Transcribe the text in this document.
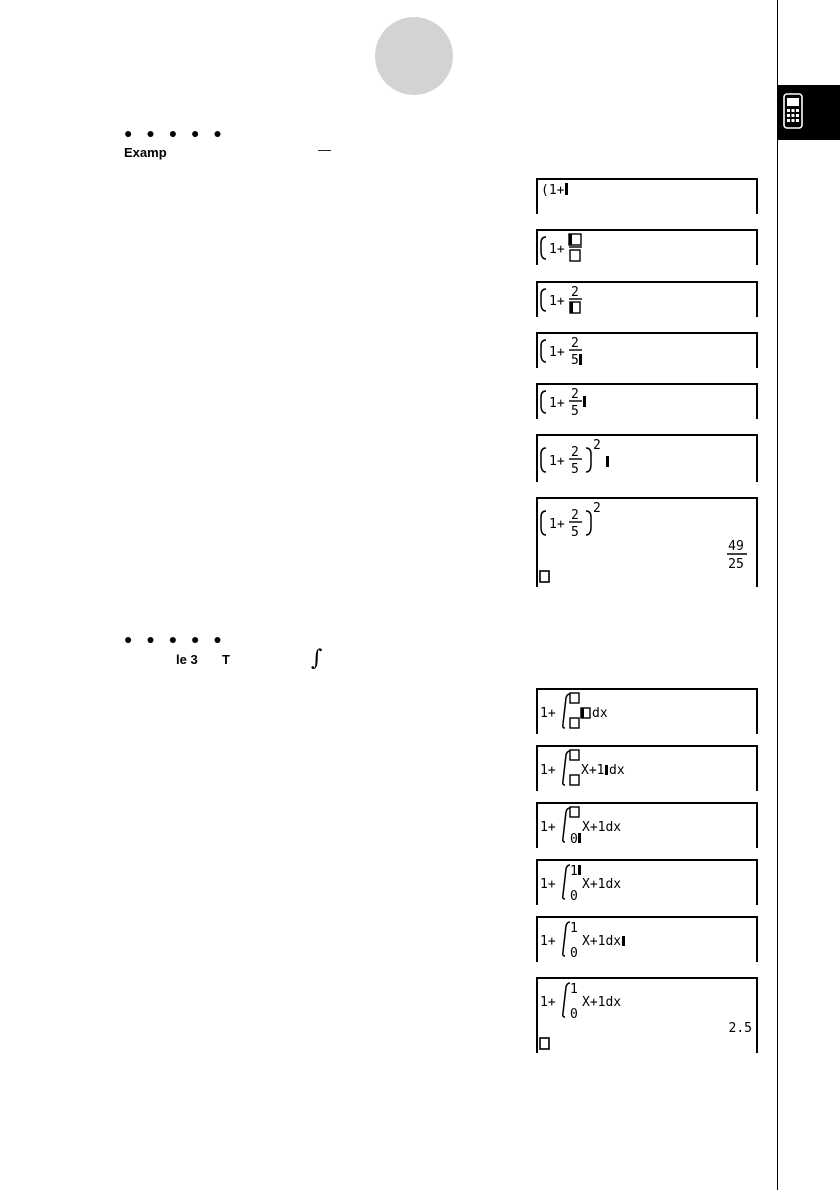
● ● ● ● ●
Examp	—
● ● ● ● ●
le 3 T	∫
(1+
1+
1+
2
1+
2
5
1+
2
5
1+
2
5
2
1+
2
5
2
49
25
1+	dx
1+ X+1 dx
1+
0
X+1dx
1+
1
0
X+1dx
1+
1
0
X+1dx
1+
1
0
X+1dx
2.5
